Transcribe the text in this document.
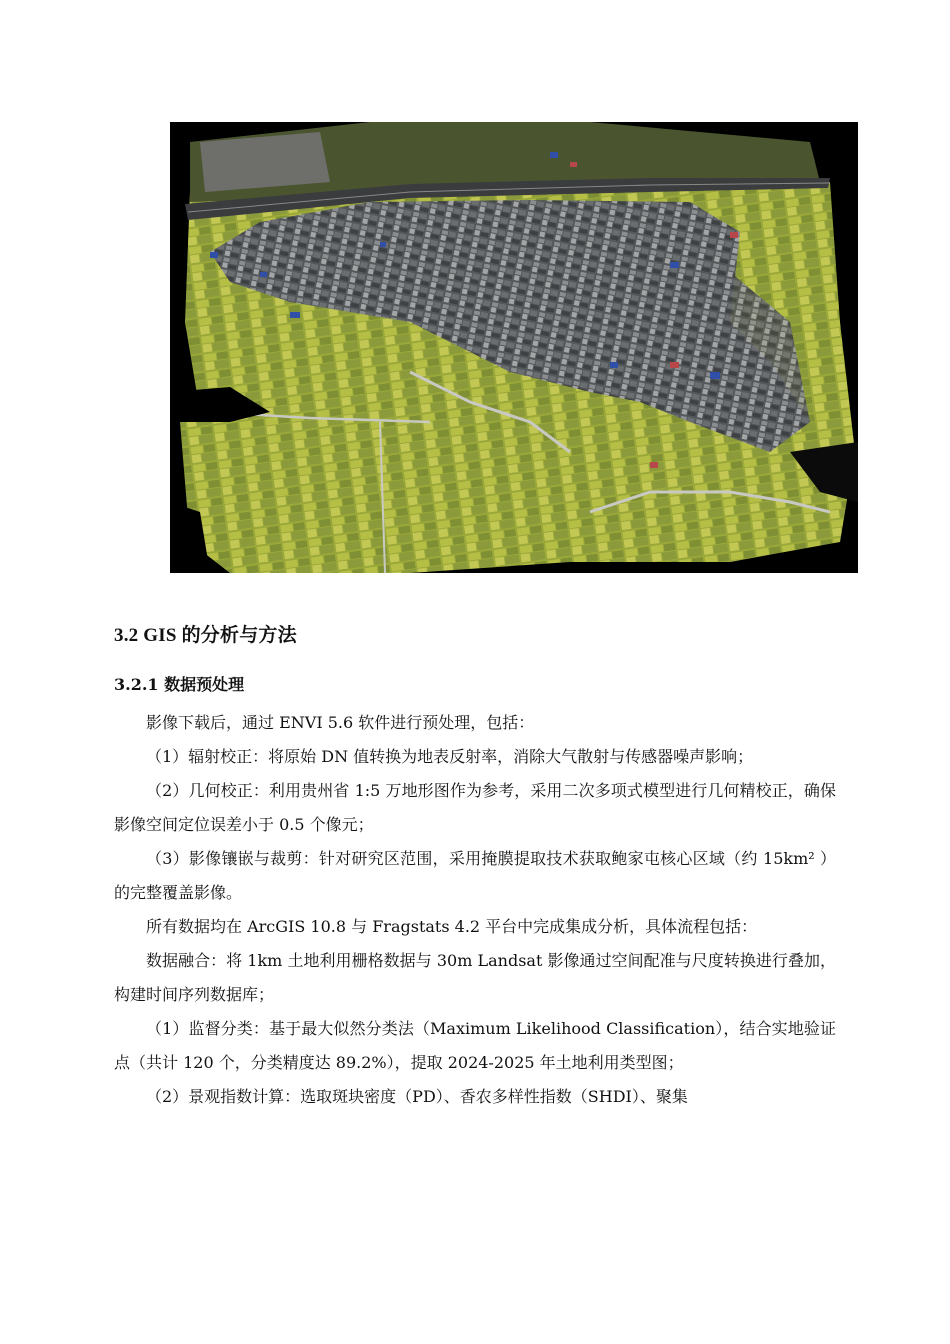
3.2 GIS 的分析与方法
3.2.1 数据预处理

影像下载后，通过 ENVI 5.6 软件进行预处理，包括：

（1）辐射校正：将原始 DN 值转换为地表反射率，消除大气散射与传感器噪声影响；

（2）几何校正：利用贵州省 1:5 万地形图作为参考，采用二次多项式模型进行几何精校正，确保影像空间定位误差小于 0.5 个像元；

（3）影像镶嵌与裁剪：针对研究区范围，采用掩膜提取技术获取鲍家屯核心区域（约 15km² ）的完整覆盖影像。

所有数据均在 ArcGIS 10.8 与 Fragstats 4.2 平台中完成集成分析，具体流程包括：

数据融合：将 1km 土地利用栅格数据与 30m Landsat 影像通过空间配准与尺度转换进行叠加，构建时间序列数据库；

（1）监督分类：基于最大似然分类法（Maximum Likelihood Classification），结合实地验证点（共计 120 个，分类精度达 89.2%），提取 2024-2025 年土地利用类型图；

（2）景观指数计算：选取斑块密度（PD）、香农多样性指数（SHDI）、聚集
